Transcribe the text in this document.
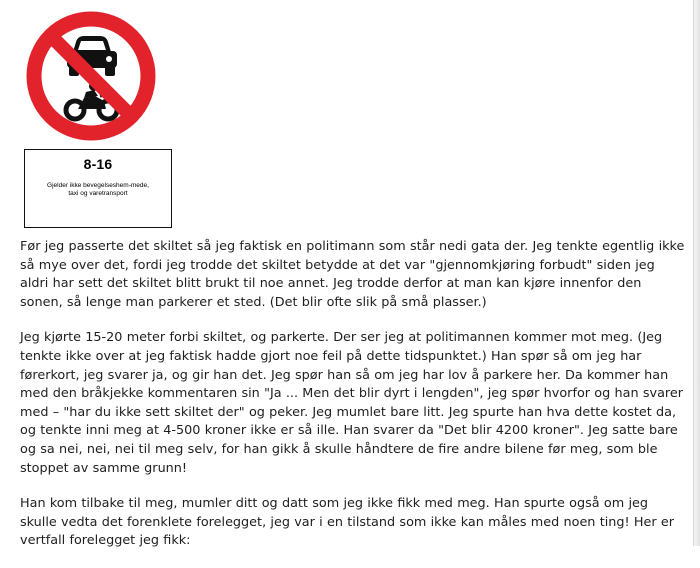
8-16
Gjelder ikke bevegelseshem-mede, taxi og varetransport

Før jeg passerte det skiltet så jeg faktisk en politimann som står nedi gata der. Jeg tenkte egentlig ikke så mye over det, fordi jeg trodde det skiltet betydde at det var "gjennomkjøring forbudt" siden jeg aldri har sett det skiltet blitt brukt til noe annet. Jeg trodde derfor at man kan kjøre innenfor den sonen, så lenge man parkerer et sted. (Det blir ofte slik på små plasser.)

Jeg kjørte 15-20 meter forbi skiltet, og parkerte. Der ser jeg at politimannen kommer mot meg. (Jeg tenkte ikke over at jeg faktisk hadde gjort noe feil på dette tidspunktet.) Han spør så om jeg har førerkort, jeg svarer ja, og gir han det. Jeg spør han så om jeg har lov å parkere her. Da kommer han med den bråkjekke kommentaren sin "Ja ... Men det blir dyrt i lengden", jeg spør hvorfor og han svarer med – "har du ikke sett skiltet der" og peker. Jeg mumlet bare litt. Jeg spurte han hva dette kostet da, og tenkte inni meg at 4-500 kroner ikke er så ille. Han svarer da "Det blir 4200 kroner". Jeg satte bare og sa nei, nei, nei til meg selv, for han gikk å skulle håndtere de fire andre bilene før meg, som ble stoppet av samme grunn!

Han kom tilbake til meg, mumler ditt og datt som jeg ikke fikk med meg. Han spurte også om jeg skulle vedta det forenklete forelegget, jeg var i en tilstand som ikke kan måles med noen ting! Her er vertfall forelegget jeg fikk:
